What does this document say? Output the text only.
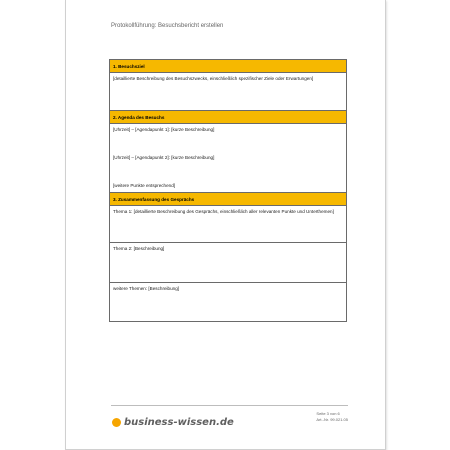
Protokollführung: Besuchsbericht erstellen
1. Besuchsziel
[detaillierte Beschreibung des Besuchszwecks, einschließlich spezifischer Ziele oder Erwartungen]
2. Agenda des Besuchs
[Uhrzeit] – [Agendapunkt 1]: [kurze Beschreibung]
[Uhrzeit] – [Agendapunkt 2]: [kurze Beschreibung]
[weitere Punkte entsprechend]
3. Zusammenfassung des Gesprächs
Thema 1: [detaillierte Beschreibung des Gesprächs, einschließlich aller relevanten Punkte und Unterthemen]
Thema 2: [Beschreibung]
weitere Themen: [Beschreibung]
business-wissen.de
Seite 3 von 6
Art.-Nr. 99.021.05
